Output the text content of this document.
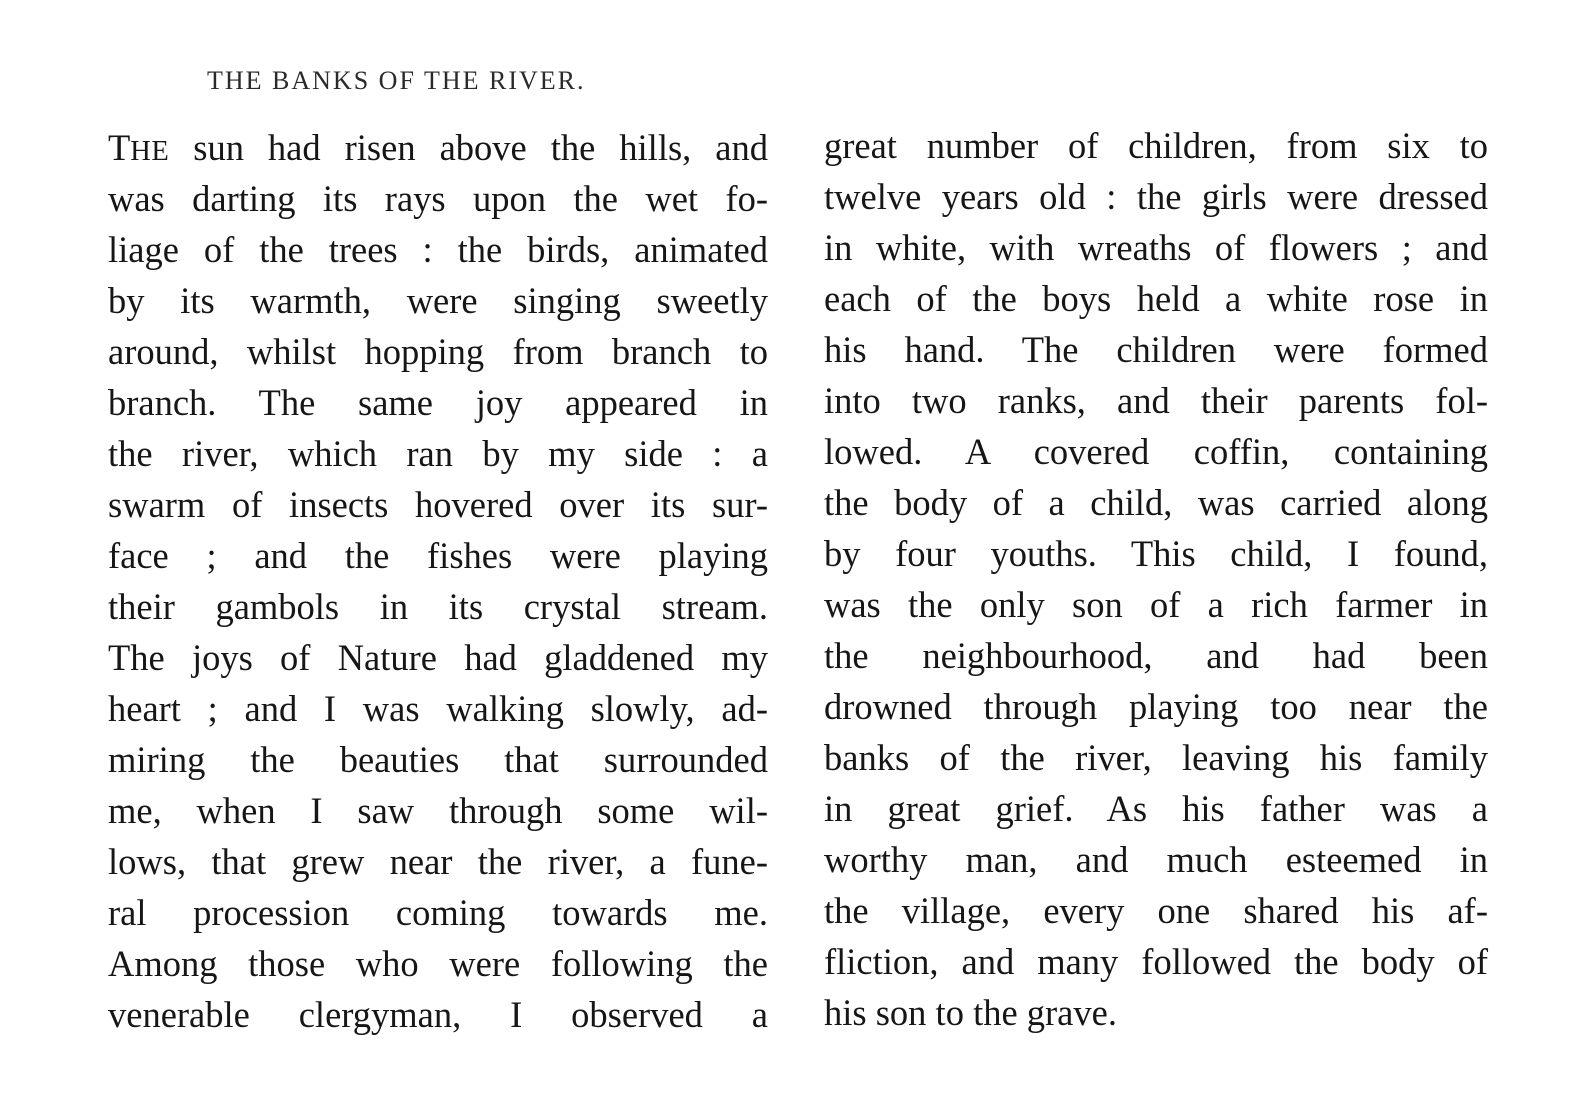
THE BANKS OF THE RIVER.
THE sun had risen above the hills, and
was darting its rays upon the wet fo-
liage of the trees : the birds, animated
by its warmth, were singing sweetly
around, whilst hopping from branch to
branch. The same joy appeared in
the river, which ran by my side : a
swarm of insects hovered over its sur-
face ; and the fishes were playing
their gambols in its crystal stream.
The joys of Nature had gladdened my
heart ; and I was walking slowly, ad-
miring the beauties that surrounded
me, when I saw through some wil-
lows, that grew near the river, a fune-
ral procession coming towards me.
Among those who were following the
venerable clergyman, I observed a
great number of children, from six to
twelve years old : the girls were dressed
in white, with wreaths of flowers ; and
each of the boys held a white rose in
his hand. The children were formed
into two ranks, and their parents fol-
lowed. A covered coffin, containing
the body of a child, was carried along
by four youths. This child, I found,
was the only son of a rich farmer in
the neighbourhood, and had been
drowned through playing too near the
banks of the river, leaving his family
in great grief. As his father was a
worthy man, and much esteemed in
the village, every one shared his af-
fliction, and many followed the body of
his son to the grave.
